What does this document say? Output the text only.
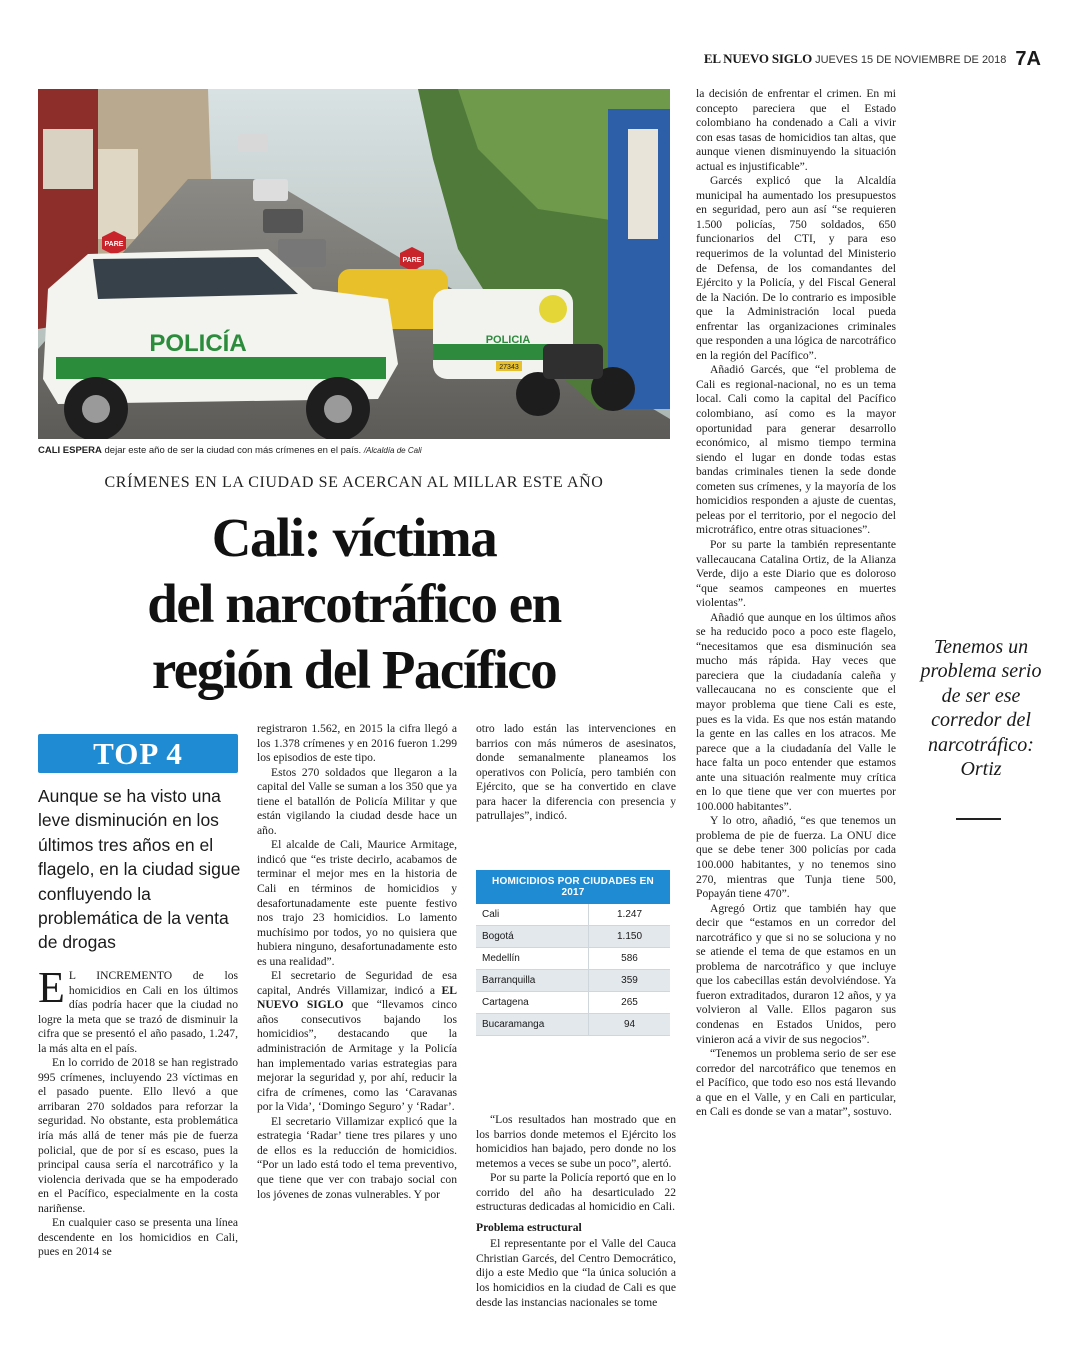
EL NUEVO SIGLO JUEVES 15 DE NOVIEMBRE DE 2018 7A
PARE
PARE
POLICIA
27343
POLICÍA
CALI ESPERA dejar este año de ser la ciudad con más crímenes en el país. /Alcaldía de Cali
CRÍMENES EN LA CIUDAD SE ACERCAN AL MILLAR ESTE AÑO
Cali: víctima
del narcotráfico en
región del Pacífico
TOP 4
Aunque se ha visto una leve disminución en los últimos tres años en el flagelo, en la ciudad sigue confluyendo la problemática de la venta de drogas

E L INCREMENTO de los homicidios en Cali en los últimos días podría hacer que la ciudad no logre la meta que se trazó de disminuir la cifra que se presentó el año pasado, 1.247, la más alta en el país.

En lo corrido de 2018 se han registrado 995 crímenes, incluyendo 23 víctimas en el pasado puente. Ello llevó a que arribaran 270 soldados para reforzar la seguridad. No obstante, esta problemática iría más allá de tener más pie de fuerza policial, que de por sí es escaso, pues la principal causa sería el narcotráfico y la violencia derivada que se ha empoderado en el Pacífico, especialmente en la costa nariñense.

En cualquier caso se presenta una línea descendente en los homicidios en Cali, pues en 2014 se

registraron 1.562, en 2015 la cifra llegó a los 1.378 crímenes y en 2016 fueron 1.299 los episodios de este tipo.

Estos 270 soldados que llegaron a la capital del Valle se suman a los 350 que ya tiene el batallón de Policía Militar y que están vigilando la ciudad desde hace un año.

El alcalde de Cali, Maurice Armitage, indicó que “es triste decirlo, acabamos de terminar el mejor mes en la historia de Cali en términos de homicidios y desafortunadamente este puente festivo nos trajo 23 homicidios. Lo lamento muchísimo por todos, yo no quisiera que hubiera ninguno, desafortunadamente esto es una realidad”.

El secretario de Seguridad de esa capital, Andrés Villamizar, indicó a EL NUEVO SIGLO que “llevamos cinco años consecutivos bajando los homicidios”, destacando que la administración de Armitage y la Policía han implementado varias estrategias para mejorar la seguridad y, por ahí, reducir la cifra de crímenes, como las ‘Caravanas por la Vida’, ‘Domingo Seguro’ y ‘Radar’.

El secretario Villamizar explicó que la estrategia ‘Radar’ tiene tres pilares y uno de ellos es la reducción de homicidios. “Por un lado está todo el tema preventivo, que tiene que ver con trabajo social con los jóvenes de zonas vulnerables. Y por

otro lado están las intervenciones en barrios con más números de asesinatos, donde semanalmente planeamos los operativos con Policía, pero también con Ejército, que se ha convertido en clave para hacer la diferencia con presencia y patrullajes”, indicó.

HOMICIDIOS POR CIUDADES EN 2017
Cali	1.247
Bogotá	1.150
Medellín	586
Barranquilla	359
Cartagena	265
Bucaramanga	94

“Los resultados han mostrado que en los barrios donde metemos el Ejército los homicidios han bajado, pero donde no los metemos a veces se sube un poco”, alertó.

Por su parte la Policía reportó que en lo corrido del año ha desarticulado 22 estructuras dedicadas al homicidio en Cali.

Problema estructural

El representante por el Valle del Cauca Christian Garcés, del Centro Democrático, dijo a este Medio que “la única solución a los homicidios en la ciudad de Cali es que desde las instancias nacionales se tome

la decisión de enfrentar el crimen. En mi concepto pareciera que el Estado colombiano ha condenado a Cali a vivir con esas tasas de homicidios tan altas, que aunque vienen disminuyendo la situación actual es injustificable”.

Garcés explicó que la Alcaldía municipal ha aumentado los presupuestos en seguridad, pero aun así “se requieren 1.500 policías, 750 soldados, 650 funcionarios del CTI, y para eso requerimos de la voluntad del Ministerio de Defensa, de los comandantes del Ejército y la Policía, y del Fiscal General de la Nación. De lo contrario es imposible que la Administración local pueda enfrentar las organizaciones criminales que responden a una lógica de narcotráfico en la región del Pacífico”.

Añadió Garcés, que “el problema de Cali es regional-nacional, no es un tema local. Cali como la capital del Pacífico colombiano, así como es la mayor oportunidad para generar desarrollo económico, al mismo tiempo termina siendo el lugar en donde todas estas bandas criminales tienen la sede donde cometen sus crímenes, y la mayoría de los homicidios responden a ajuste de cuentas, peleas por el territorio, por el negocio del microtráfico, entre otras situaciones”.

Por su parte la también representante vallecaucana Catalina Ortiz, de la Alianza Verde, dijo a este Diario que es doloroso “que seamos campeones en muertes violentas”.

Añadió que aunque en los últimos años se ha reducido poco a poco este flagelo, “necesitamos que esa disminución sea mucho más rápida. Hay veces que pareciera que la ciudadanía caleña y vallecaucana no es consciente que el mayor problema que tiene Cali es este, pues es la vida. Es que nos están matando la gente en las calles en los atracos. Me parece que a la ciudadanía del Valle le hace falta un poco entender que estamos ante una situación realmente muy crítica en lo que tiene que ver con muertes por 100.000 habitantes”.

Y lo otro, añadió, “es que tenemos un problema de pie de fuerza. La ONU dice que se debe tener 300 policías por cada 100.000 habitantes, y no tenemos sino 270, mientras que Tunja tiene 500, Popayán tiene 470”.

Agregó Ortiz que también hay que decir que “estamos en un corredor del narcotráfico y que si no se soluciona y no se atiende el tema de que estamos en un problema de narcotráfico y que incluye que los cabecillas están devolviéndose. Ya fueron extraditados, duraron 12 años, y ya volvieron al Valle. Ellos pagaron sus condenas en Estados Unidos, pero vinieron acá a vivir de sus negocios”.

“Tenemos un problema serio de ser ese corredor del narcotráfico que tenemos en el Pacífico, que todo eso nos está llevando a que en el Valle, y en Cali en particular, en Cali es donde se van a matar”, sostuvo.

Tenemos un problema serio de ser ese corredor del narcotráfico: Ortiz
